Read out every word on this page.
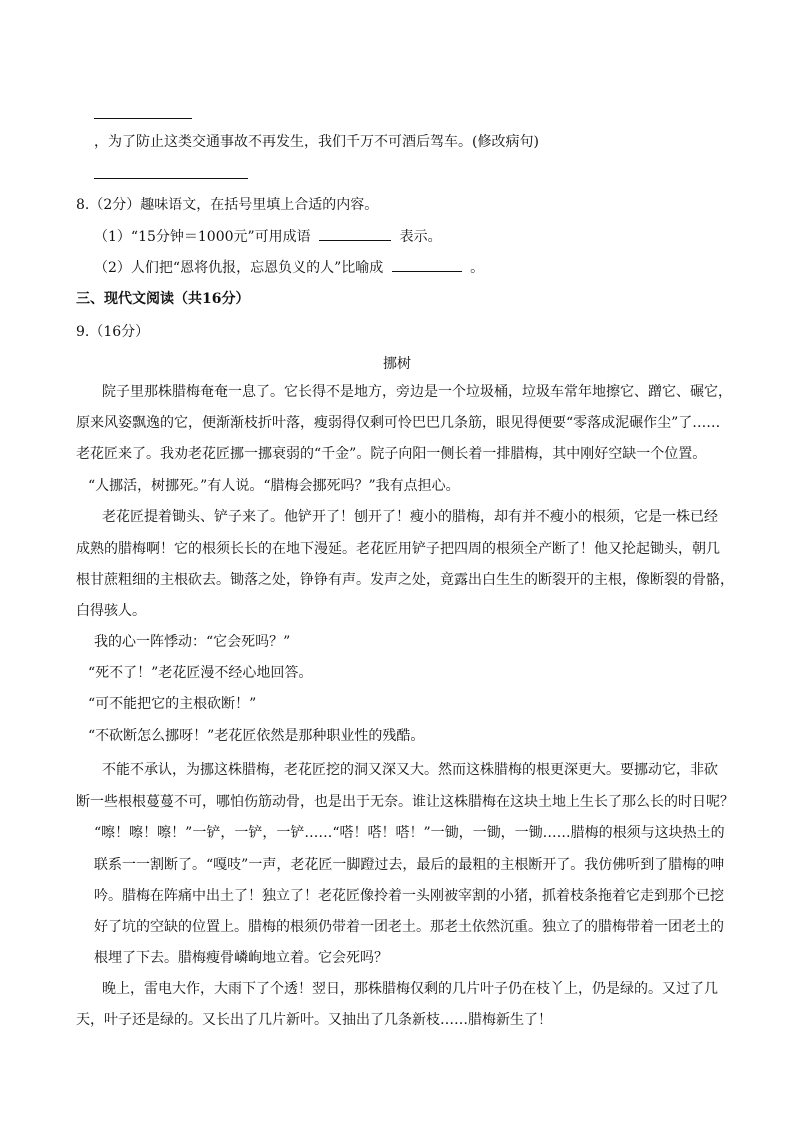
，为了防止这类交通事故不再发生，我们千万不可酒后驾车。(修改病句)
8.（2分）趣味语文，在括号里填上合适的内容。
（1）“15分钟＝1000元”可用成语	表示。
（2）人们把“恩将仇报，忘恩负义的人”比喻成	。
三、现代文阅读（共16分）
9.（16分）
挪树
院子里那株腊梅奄奄一息了。它长得不是地方，旁边是一个垃圾桶，垃圾车常年地擦它、蹭它、碾它，
原来风姿飘逸的它，便渐渐枝折叶落，瘦弱得仅剩可怜巴巴几条筋，眼见得便要“零落成泥碾作尘”了……
老花匠来了。我劝老花匠挪一挪衰弱的“千金”。院子向阳一侧长着一排腊梅，其中刚好空缺一个位置。
“人挪活，树挪死。”有人说。“腊梅会挪死吗？”我有点担心。
老花匠提着锄头、铲子来了。他铲开了！刨开了！瘦小的腊梅，却有并不瘦小的根须，它是一株已经
成熟的腊梅啊！它的根须长长的在地下漫延。老花匠用铲子把四周的根须全产断了！他又抡起锄头，朝几
根甘蔗粗细的主根砍去。锄落之处，铮铮有声。发声之处，竟露出白生生的断裂开的主根，像断裂的骨骼，
白得骇人。
我的心一阵悸动：“它会死吗？”
“死不了！”老花匠漫不经心地回答。
“可不能把它的主根砍断！”
“不砍断怎么挪呀！”老花匠依然是那种职业性的残酷。
不能不承认，为挪这株腊梅，老花匠挖的洞又深又大。然而这株腊梅的根更深更大。要挪动它，非砍
断一些根根蔓蔓不可，哪怕伤筋动骨，也是出于无奈。谁让这株腊梅在这块土地上生长了那么长的时日呢？
“嚓！嚓！嚓！”一铲，一铲，一铲……“嗒！嗒！嗒！”一锄，一锄，一锄……腊梅的根须与这块热土的
联系一一割断了。“嘎吱”一声，老花匠一脚蹬过去，最后的最粗的主根断开了。我仿佛听到了腊梅的呻
吟。腊梅在阵痛中出土了！独立了！老花匠像拎着一头刚被宰割的小猪，抓着枝条拖着它走到那个已挖
好了坑的空缺的位置上。腊梅的根须仍带着一团老土。那老土依然沉重。独立了的腊梅带着一团老土的
根埋了下去。腊梅瘦骨嶙峋地立着。它会死吗？
晚上，雷电大作，大雨下了个透！翌日，那株腊梅仅剩的几片叶子仍在枝丫上，仍是绿的。又过了几
天，叶子还是绿的。又长出了几片新叶。又抽出了几条新枝……腊梅新生了！
